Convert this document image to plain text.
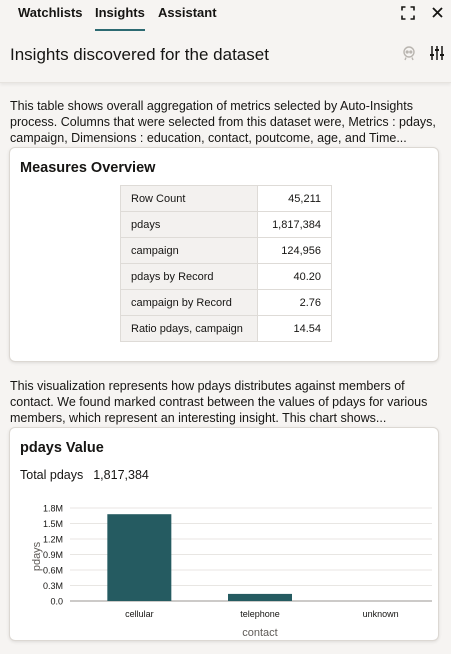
Watchlists Insights Assistant
Insights discovered for the dataset
This table shows overall aggregation of metrics selected by Auto-Insights process. Columns that were selected from this dataset were, Metrics : pdays, campaign, Dimensions : education, contact, poutcome, age, and Time...
Measures Overview
Row Count	45,211
pdays	1,817,384
campaign	124,956
pdays by Record	40.20
campaign by Record	2.76
Ratio pdays, campaign	14.54
This visualization represents how pdays distributes against members of contact. We found marked contrast between the values of pdays for various members, which represent an interesting insight. This chart shows...
pdays Value
Total pdays 1,817,384
0.0
0.3M
0.6M
0.9M
1.2M
1.5M
1.8M
cellular	telephone	unknown
contact
pdays
